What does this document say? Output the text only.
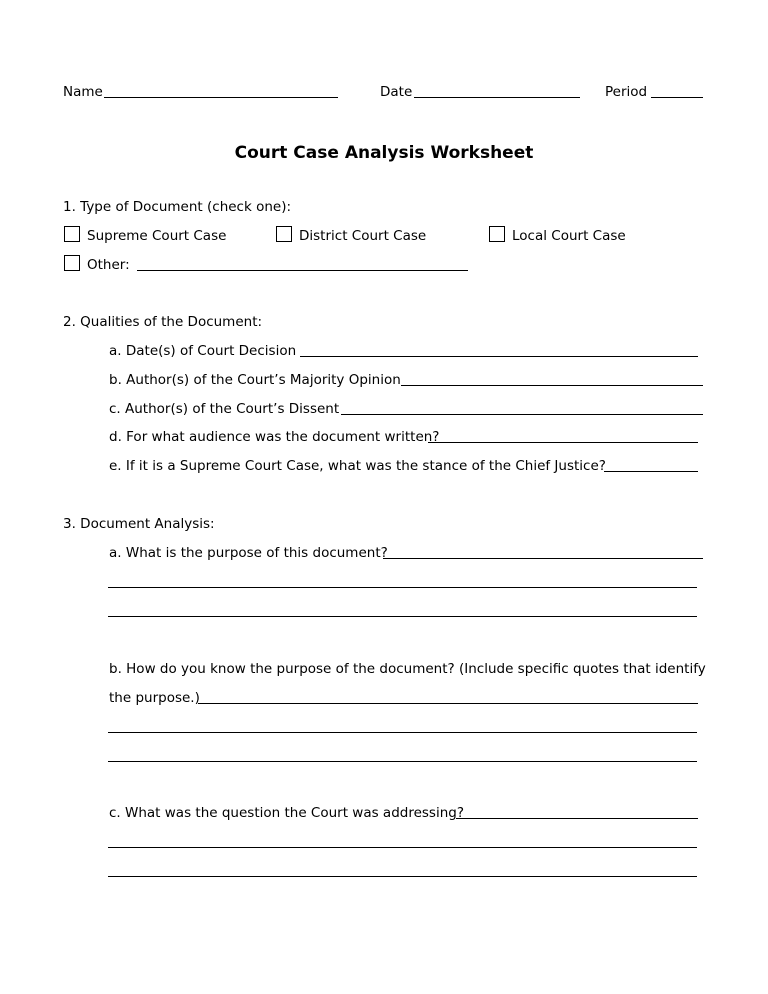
Name	Date	Period
Court Case Analysis Worksheet
1. Type of Document (check one):
Supreme Court Case	District Court Case	Local Court Case
Other:
2. Qualities of the Document:
a. Date(s) of Court Decision
b. Author(s) of the Court’s Majority Opinion
c. Author(s) of the Court’s Dissent
d. For what audience was the document written?
e. If it is a Supreme Court Case, what was the stance of the Chief Justice?
3. Document Analysis:
a. What is the purpose of this document?
b. How do you know the purpose of the document? (Include specific quotes that identify
the purpose.)
c. What was the question the Court was addressing?
